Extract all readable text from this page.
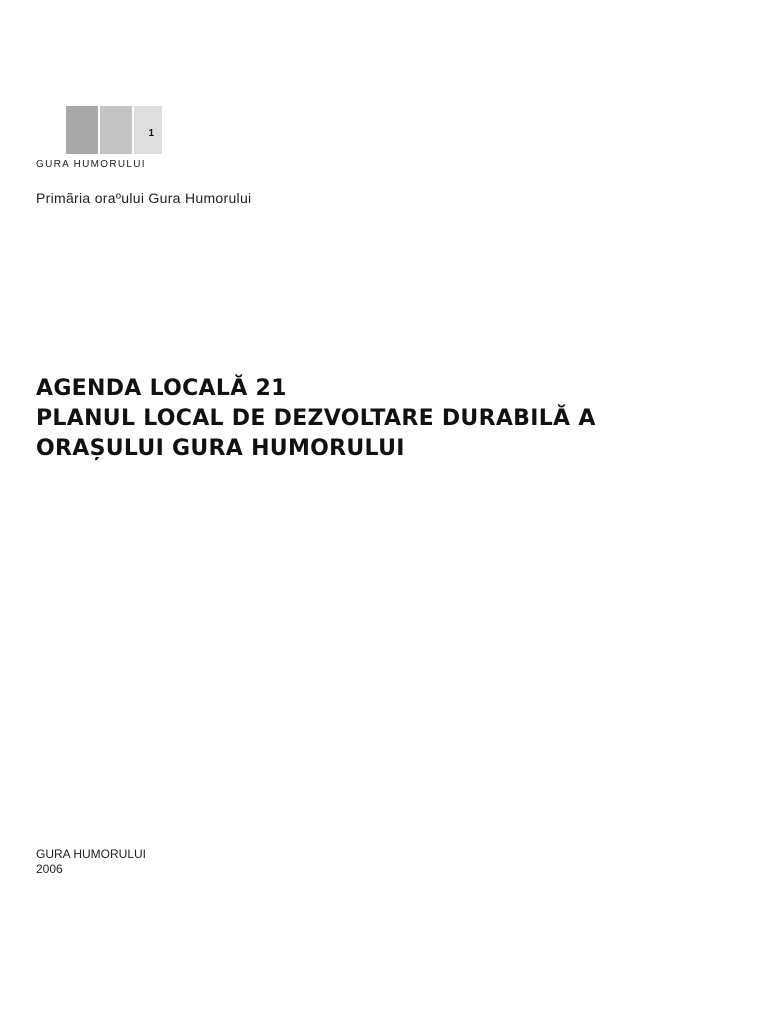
1
GURA HUMORULUI
Primãria oraºului Gura Humorului
AGENDA LOCALĂ 21
PLANUL LOCAL DE DEZVOLTARE DURABILĂ A
ORAȘULUI GURA HUMORULUI
GURA HUMORULUI
2006
